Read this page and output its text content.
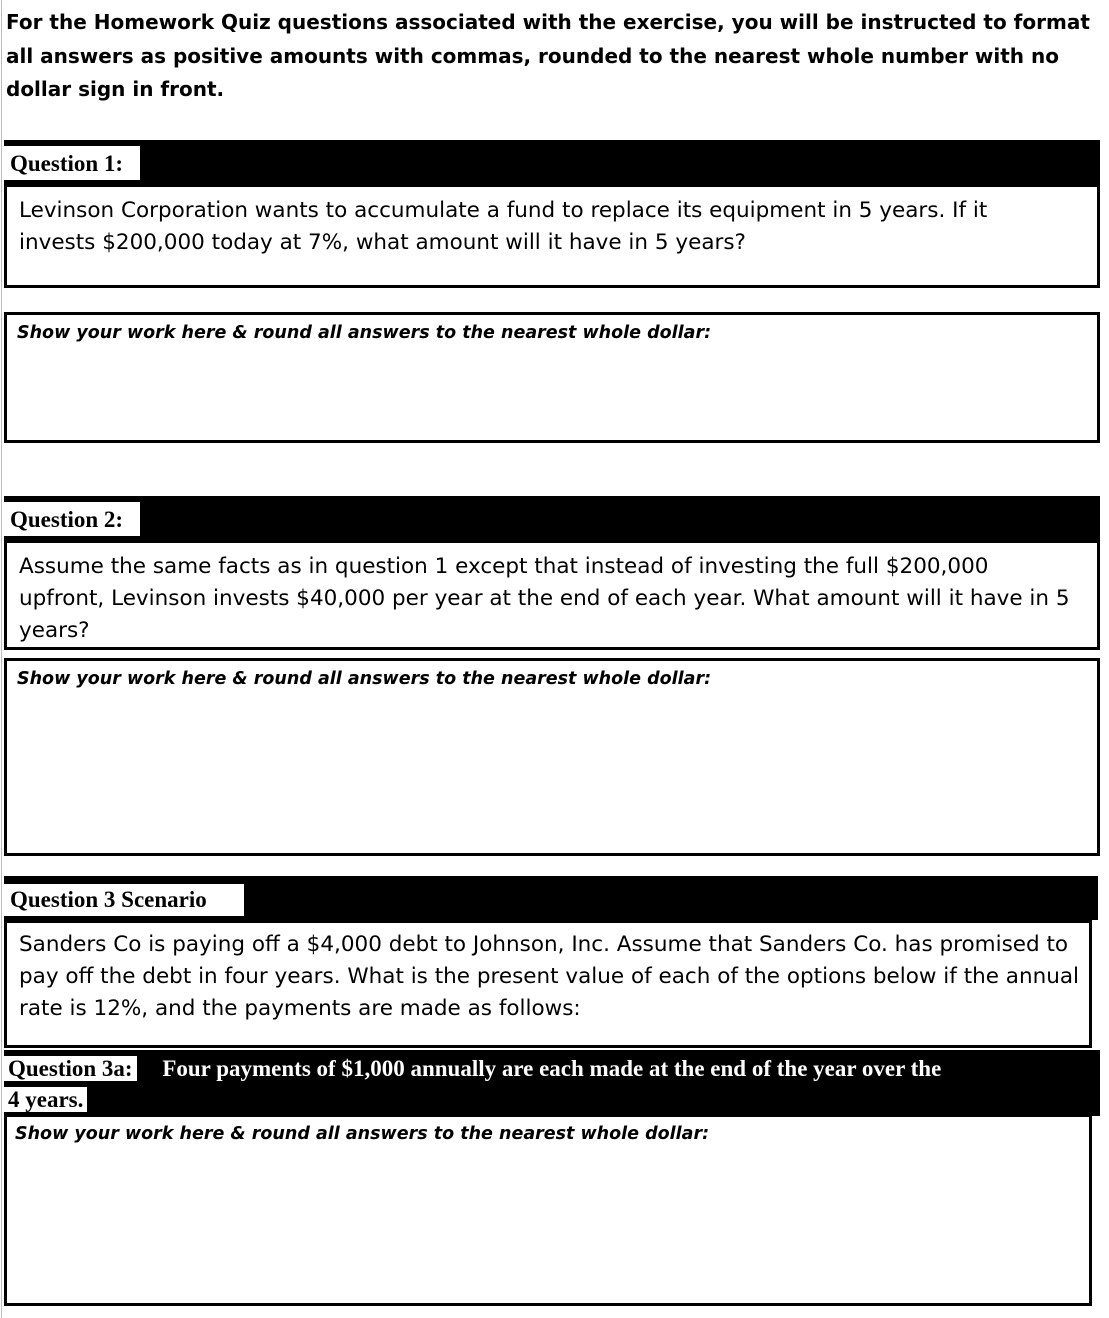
For the Homework Quiz questions associated with the exercise, you will be instructed to format all answers as positive amounts with commas, rounded to the nearest whole number with no dollar sign in front.
Question 1:
Levinson Corporation wants to accumulate a fund to replace its equipment in 5 years. If it invests $200,000 today at 7%, what amount will it have in 5 years?
Show your work here & round all answers to the nearest whole dollar:
Question 2:
Assume the same facts as in question 1 except that instead of investing the full $200,000 upfront, Levinson invests $40,000 per year at the end of each year. What amount will it have in 5 years?
Show your work here & round all answers to the nearest whole dollar:
Question 3 Scenario
Sanders Co is paying off a $4,000 debt to Johnson, Inc. Assume that Sanders Co. has promised to pay off the debt in four years. What is the present value of each of the options below if the annual rate is 12%, and the payments are made as follows:
Question 3a: Four payments of $1,000 annually are each made at the end of the year over the
4 years.
Show your work here & round all answers to the nearest whole dollar:
